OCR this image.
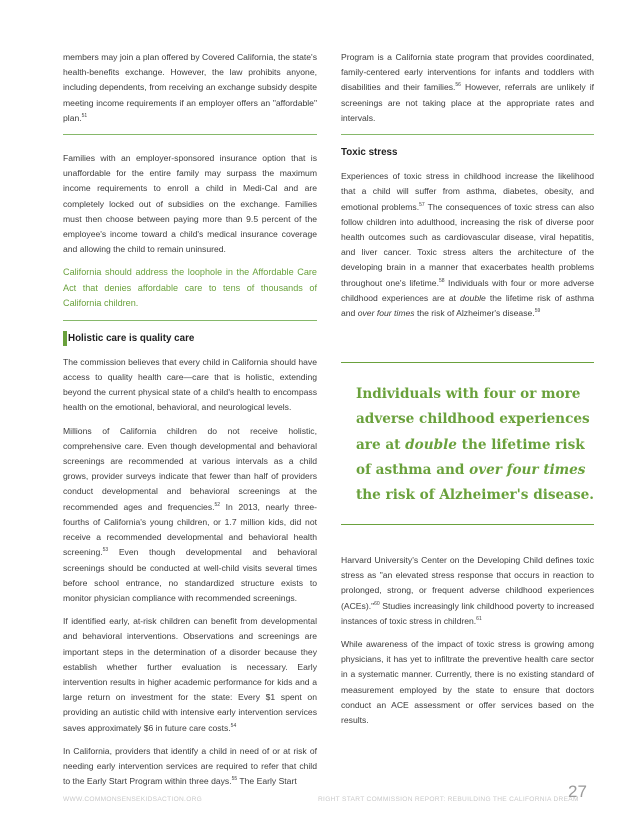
members may join a plan offered by Covered California, the state's health-benefits exchange. However, the law prohibits anyone, including dependents, from receiving an exchange subsidy despite meeting income requirements if an employer offers an "affordable" plan.$^{51}$

Families with an employer-sponsored insurance option that is unaffordable for the entire family may surpass the maximum income requirements to enroll a child in Medi-Cal and are completely locked out of subsidies on the exchange. Families must then choose between paying more than 9.5 percent of the employee's income toward a child's medical insurance coverage and allowing the child to remain uninsured.

California should address the loophole in the Affordable Care Act that denies affordable care to tens of thousands of California children.

Holistic care is quality care

The commission believes that every child in California should have access to quality health care—care that is holistic, extending beyond the current physical state of a child's health to encompass health on the emotional, behavioral, and neurological levels.

Millions of California children do not receive holistic, comprehensive care. Even though developmental and behavioral screenings are recommended at various intervals as a child grows, provider surveys indicate that fewer than half of providers conduct developmental and behavioral screenings at the recommended ages and frequencies.$^{52}$ In 2013, nearly three-fourths of California's young children, or 1.7 million kids, did not receive a recommended developmental and behavioral health screening.$^{53}$ Even though developmental and behavioral screenings should be conducted at well-child visits several times before school entrance, no standardized structure exists to monitor physician compliance with recommended screenings.

If identified early, at-risk children can benefit from developmental and behavioral interventions. Observations and screenings are important steps in the determination of a disorder because they establish whether further evaluation is necessary. Early intervention results in higher academic performance for kids and a large return on investment for the state: Every $1 spent on providing an autistic child with intensive early intervention services saves approximately $6 in future care costs.$^{54}$

In California, providers that identify a child in need of or at risk of needing early intervention services are required to refer that child to the Early Start Program within three days.$^{55}$ The Early Start

Program is a California state program that provides coordinated, family-centered early interventions for infants and toddlers with disabilities and their families.$^{56}$ However, referrals are unlikely if screenings are not taking place at the appropriate rates and intervals.

Toxic stress

Experiences of toxic stress in childhood increase the likelihood that a child will suffer from asthma, diabetes, obesity, and emotional problems.$^{57}$ The consequences of toxic stress can also follow children into adulthood, increasing the risk of diverse poor health outcomes such as cardiovascular disease, viral hepatitis, and liver cancer. Toxic stress alters the architecture of the developing brain in a manner that exacerbates health problems throughout one's lifetime.$^{58}$ Individuals with four or more adverse childhood experiences are at double the lifetime risk of asthma and over four times the risk of Alzheimer's disease.$^{59}$

Individuals with four or more adverse childhood experiences are at double the lifetime risk of asthma and over four times the risk of Alzheimer's disease.

Harvard University's Center on the Developing Child defines toxic stress as "an elevated stress response that occurs in reaction to prolonged, strong, or frequent adverse childhood experiences (ACEs)."$^{60}$ Studies increasingly link childhood poverty to increased instances of toxic stress in children.$^{61}$

While awareness of the impact of toxic stress is growing among physicians, it has yet to infiltrate the preventive health care sector in a systematic manner. Currently, there is no existing standard of measurement employed by the state to ensure that doctors conduct an ACE assessment or offer services based on the results.

WWW.COMMONSENSEKIDSACTION.ORG	RIGHT START COMMISSION REPORT: REBUILDING THE CALIFORNIA DREAM
27
